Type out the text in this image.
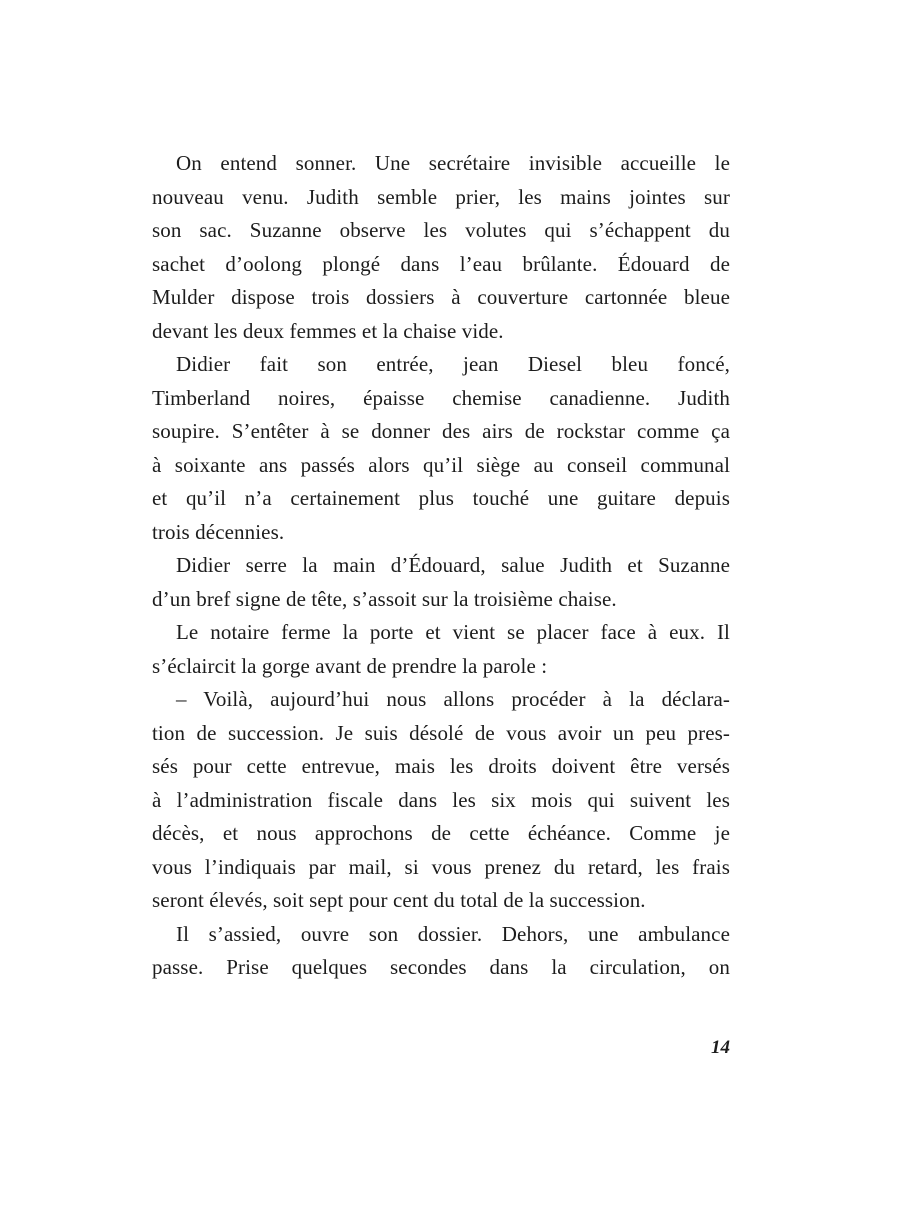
On entend sonner. Une secrétaire invisible accueille le
nouveau venu. Judith semble prier, les mains jointes sur
son sac. Suzanne observe les volutes qui s’échappent du
sachet d’oolong plongé dans l’eau brûlante. Édouard de
Mulder dispose trois dossiers à couverture cartonnée bleue
devant les deux femmes et la chaise vide.
Didier fait son entrée, jean Diesel bleu foncé,
Timberland noires, épaisse chemise canadienne. Judith
soupire. S’entêter à se donner des airs de rockstar comme ça
à soixante ans passés alors qu’il siège au conseil communal
et qu’il n’a certainement plus touché une guitare depuis
trois décennies.
Didier serre la main d’Édouard, salue Judith et Suzanne
d’un bref signe de tête, s’assoit sur la troisième chaise.
Le notaire ferme la porte et vient se placer face à eux. Il
s’éclaircit la gorge avant de prendre la parole :
– Voilà, aujourd’hui nous allons procéder à la déclara-
tion de succession. Je suis désolé de vous avoir un peu pres-
sés pour cette entrevue, mais les droits doivent être versés
à l’administration fiscale dans les six mois qui suivent les
décès, et nous approchons de cette échéance. Comme je
vous l’indiquais par mail, si vous prenez du retard, les frais
seront élevés, soit sept pour cent du total de la succession.
Il s’assied, ouvre son dossier. Dehors, une ambulance
passe. Prise quelques secondes dans la circulation, on
14
